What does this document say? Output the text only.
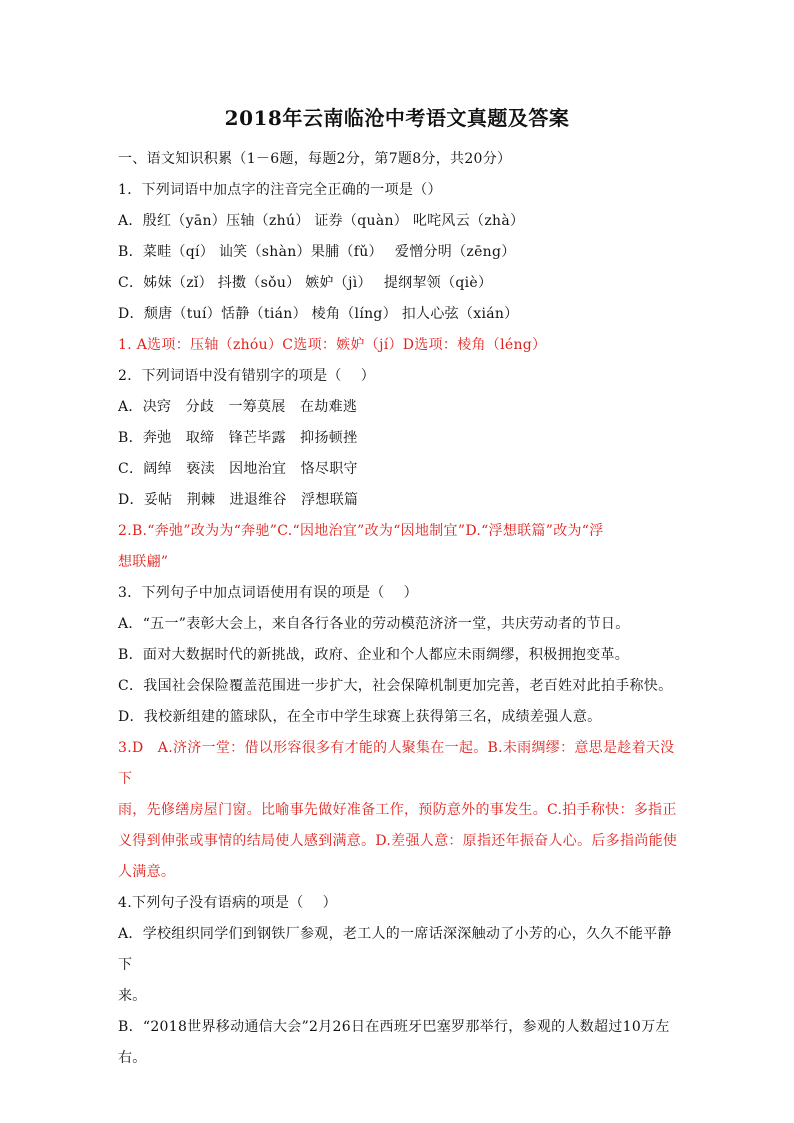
2018年云南临沧中考语文真题及答案

一、语文知识积累（1－6题，每题2分，第7题8分，共20分）

1．下列词语中加点字的注音完全正确的一项是（）

A．殷红（yān）压轴（zhú） 证券（quàn） 叱咤风云（zhà）

B．菜畦（qí） 讪笑（shàn）果脯（fǔ）　 爱憎分明（zēng）

C．姊妹（zǐ） 抖擞（sǒu） 嫉妒（jì）　 提纲挈领（qiè）

D．颓唐（tuí）恬静（tián） 棱角（líng） 扣人心弦（xián）

1. A选项：压轴（zhóu）C选项：嫉妒（jí）D选项：棱角（léng）

2．下列词语中没有错别字的项是（　 ）

A．决窍　分歧　一筹莫展　在劫难逃

B．奔弛　取缔　锋芒毕露　抑扬顿挫

C．阔绰　亵渎　因地治宜　恪尽职守

D．妥帖　荆棘　进退维谷　浮想联篇

2.B.“奔弛”改为为“奔驰”C.“因地治宜”改为“因地制宜”D.“浮想联篇”改为“浮

想联翩”

3．下列句子中加点词语使用有误的项是（　 ）

A．“五一”表彰大会上，来自各行各业的劳动模范济济一堂，共庆劳动者的节日。

B．面对大数据时代的新挑战，政府、企业和个人都应未雨绸缪，积极拥抱变革。

C．我国社会保险覆盖范围进一步扩大，社会保障机制更加完善，老百姓对此拍手称快。

D．我校新组建的篮球队，在全市中学生球赛上获得第三名，成绩差强人意。

3.D　A.济济一堂：借以形容很多有才能的人聚集在一起。B.未雨绸缪：意思是趁着天没下

雨，先修缮房屋门窗。比喻事先做好准备工作，预防意外的事发生。C.拍手称快：多指正

义得到伸张或事情的结局使人感到满意。D.差强人意：原指还年振奋人心。后多指尚能使

人满意。

4.下列句子没有语病的项是（　 ）

A．学校组织同学们到钢铁厂参观，老工人的一席话深深触动了小芳的心，久久不能平静下

来。

B．“2018世界移动通信大会”2月26日在西班牙巴塞罗那举行，参观的人数超过10万左

右。
